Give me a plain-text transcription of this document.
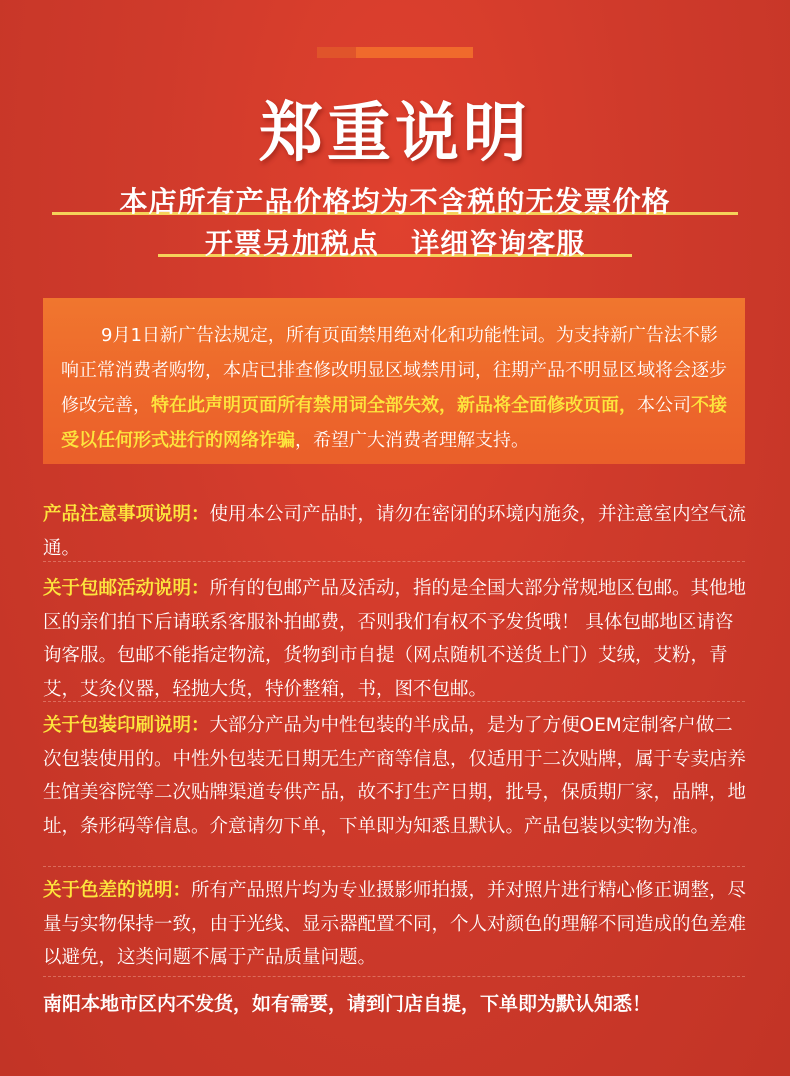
郑重说明
本店所有产品价格均为不含税的无发票价格
开票另加税点   详细咨询客服
9月1日新广告法规定，所有页面禁用绝对化和功能性词。为支持新广告法不影响正常消费者购物，本店已排查修改明显区域禁用词，往期产品不明显区域将会逐步修改完善，特在此声明页面所有禁用词全部失效，新品将全面修改页面，本公司不接受以任何形式进行的网络诈骗，希望广大消费者理解支持。
产品注意事项说明：使用本公司产品时，请勿在密闭的环境内施灸，并注意室内空气流通。
关于包邮活动说明：所有的包邮产品及活动，指的是全国大部分常规地区包邮。其他地区的亲们拍下后请联系客服补拍邮费，否则我们有权不予发货哦！ 具体包邮地区请咨询客服。包邮不能指定物流，货物到市自提（网点随机不送货上门）艾绒，艾粉，青艾，艾灸仪器，轻抛大货，特价整箱，书，图不包邮。
关于包装印刷说明：大部分产品为中性包装的半成品，是为了方便OEM定制客户做二次包装使用的。中性外包装无日期无生产商等信息，仅适用于二次贴牌，属于专卖店养生馆美容院等二次贴牌渠道专供产品，故不打生产日期，批号，保质期厂家，品牌，地址，条形码等信息。介意请勿下单，下单即为知悉且默认。产品包装以实物为准。
关于色差的说明：所有产品照片均为专业摄影师拍摄，并对照片进行精心修正调整，尽量与实物保持一致，由于光线、显示器配置不同，个人对颜色的理解不同造成的色差难以避免，这类问题不属于产品质量问题。
南阳本地市区内不发货，如有需要，请到门店自提，下单即为默认知悉！
